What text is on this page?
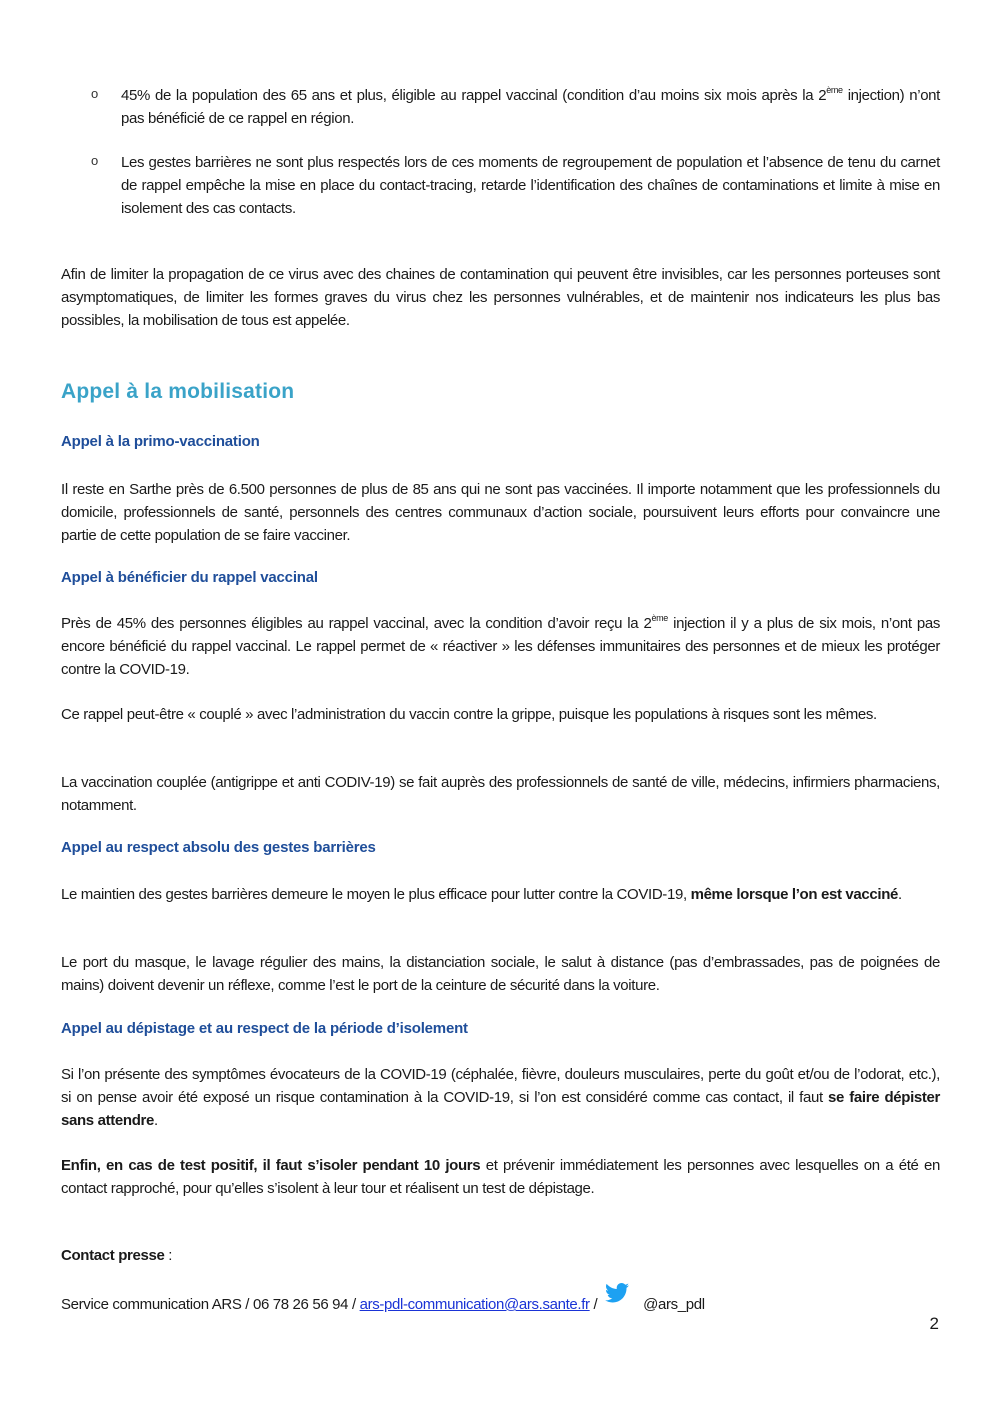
o 45% de la population des 65 ans et plus, éligible au rappel vaccinal (condition d’au moins six mois après la 2ème injection) n’ont pas bénéficié de ce rappel en région.
o Les gestes barrières ne sont plus respectés lors de ces moments de regroupement de population et l’absence de tenu du carnet de rappel empêche la mise en place du contact-tracing, retarde l’identification des chaînes de contaminations et limite à mise en isolement des cas contacts.
Afin de limiter la propagation de ce virus avec des chaines de contamination qui peuvent être invisibles, car les personnes porteuses sont asymptomatiques, de limiter les formes graves du virus chez les personnes vulnérables, et de maintenir nos indicateurs les plus bas possibles, la mobilisation de tous est appelée.
Appel à la mobilisation
Appel à la primo-vaccination
Il reste en Sarthe près de 6.500 personnes de plus de 85 ans qui ne sont pas vaccinées. Il importe notamment que les professionnels du domicile, professionnels de santé, personnels des centres communaux d’action sociale, poursuivent leurs efforts pour convaincre une partie de cette population de se faire vacciner.
Appel à bénéficier du rappel vaccinal
Près de 45% des personnes éligibles au rappel vaccinal, avec la condition d’avoir reçu la 2ème injection il y a plus de six mois, n’ont pas encore bénéficié du rappel vaccinal. Le rappel permet de « réactiver » les défenses immunitaires des personnes et de mieux les protéger contre la COVID-19.
Ce rappel peut-être « couplé » avec l’administration du vaccin contre la grippe, puisque les populations à risques sont les mêmes.
La vaccination couplée (antigrippe et anti CODIV-19) se fait auprès des professionnels de santé de ville, médecins, infirmiers pharmaciens, notamment.
Appel au respect absolu des gestes barrières
Le maintien des gestes barrières demeure le moyen le plus efficace pour lutter contre la COVID-19, même lorsque l’on est vacciné.
Le port du masque, le lavage régulier des mains, la distanciation sociale, le salut à distance (pas d’embrassades, pas de poignées de mains) doivent devenir un réflexe, comme l’est le port de la ceinture de sécurité dans la voiture.
Appel au dépistage et au respect de la période d’isolement
Si l’on présente des symptômes évocateurs de la COVID-19 (céphalée, fièvre, douleurs musculaires, perte du goût et/ou de l’odorat, etc.), si on pense avoir été exposé un risque contamination à la COVID-19, si l’on est considéré comme cas contact, il faut se faire dépister sans attendre.
Enfin, en cas de test positif, il faut s’isoler pendant 10 jours et prévenir immédiatement les personnes avec lesquelles on a été en contact rapproché, pour qu’elles s’isolent à leur tour et réalisent un test de dépistage.
Contact presse :
Service communication ARS / 06 78 26 56 94 / ars-pdl-communication@ars.sante.fr /	@ars_pdl
2
